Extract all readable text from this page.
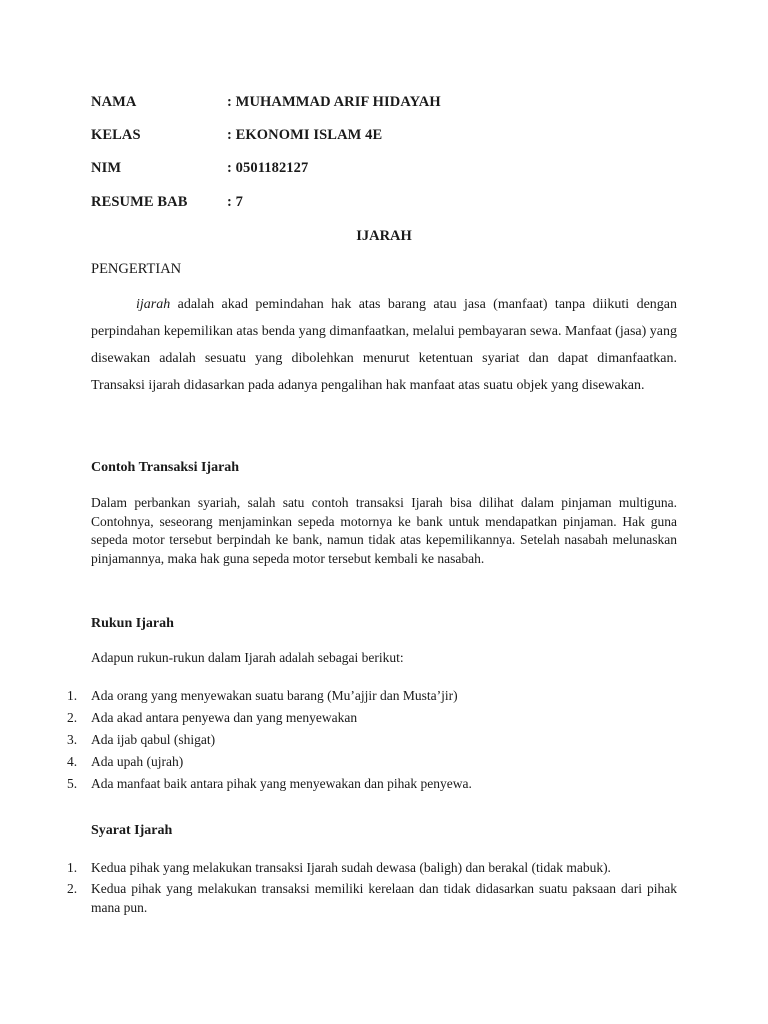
NAMA	: MUHAMMAD ARIF HIDAYAH
KELAS	: EKONOMI ISLAM 4E
NIM	: 0501182127
RESUME BAB	: 7
IJARAH
PENGERTIAN
ijarah adalah akad pemindahan hak atas barang atau jasa (manfaat) tanpa diikuti dengan perpindahan kepemilikan atas benda yang dimanfaatkan, melalui pembayaran sewa. Manfaat (jasa) yang disewakan adalah sesuatu yang dibolehkan menurut ketentuan syariat dan dapat dimanfaatkan. Transaksi ijarah didasarkan pada adanya pengalihan hak manfaat atas suatu objek yang disewakan.
Contoh Transaksi Ijarah
Dalam perbankan syariah, salah satu contoh transaksi Ijarah bisa dilihat dalam pinjaman multiguna. Contohnya, seseorang menjaminkan sepeda motornya ke bank untuk mendapatkan pinjaman. Hak guna sepeda motor tersebut berpindah ke bank, namun tidak atas kepemilikannya. Setelah nasabah melunaskan pinjamannya, maka hak guna sepeda motor tersebut kembali ke nasabah.
Rukun Ijarah
Adapun rukun-rukun dalam Ijarah adalah sebagai berikut:
1. Ada orang yang menyewakan suatu barang (Mu’ajjir dan Musta’jir)
2. Ada akad antara penyewa dan yang menyewakan
3. Ada ijab qabul (shigat)
4. Ada upah (ujrah)
5. Ada manfaat baik antara pihak yang menyewakan dan pihak penyewa.
Syarat Ijarah
1. Kedua pihak yang melakukan transaksi Ijarah sudah dewasa (baligh) dan berakal (tidak mabuk).
2. Kedua pihak yang melakukan transaksi memiliki kerelaan dan tidak didasarkan suatu paksaan dari pihak mana pun.
